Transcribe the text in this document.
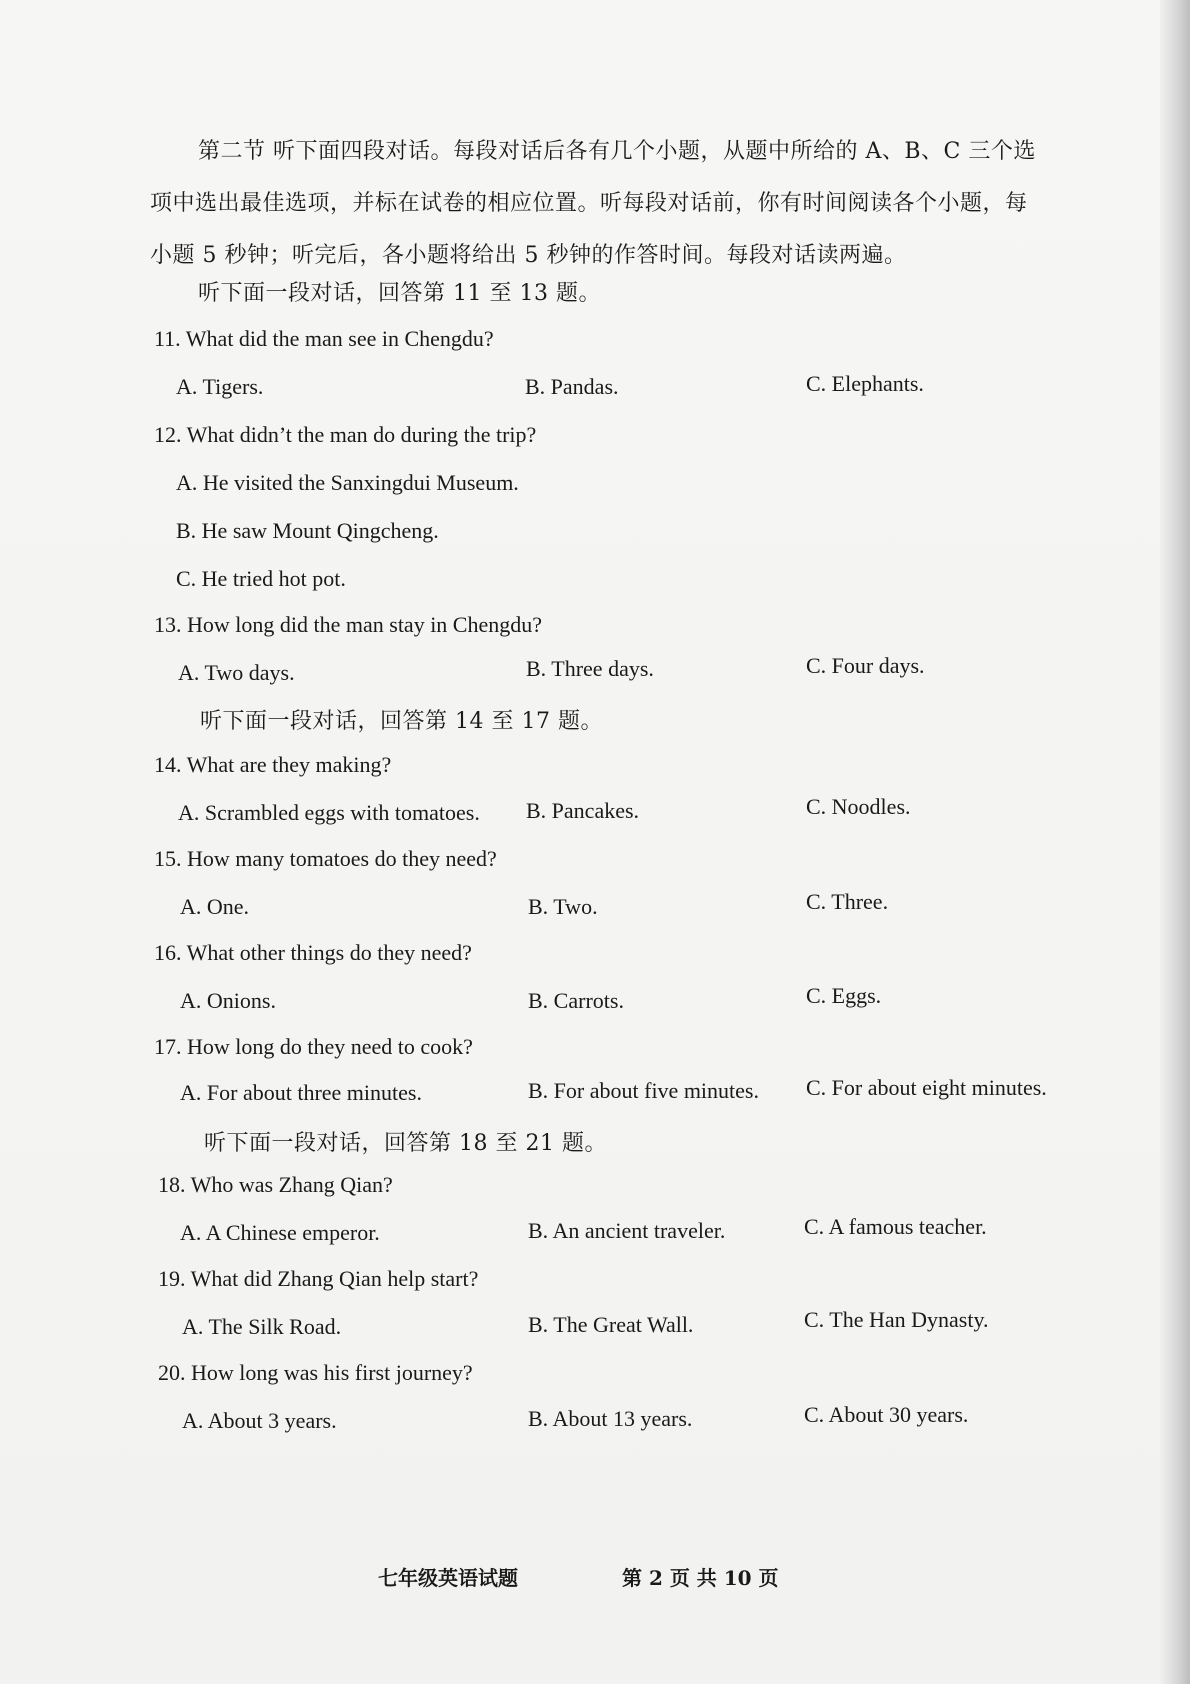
第二节 听下面四段对话。每段对话后各有几个小题，从题中所给的 A、B、C 三个选

项中选出最佳选项，并标在试卷的相应位置。听每段对话前，你有时间阅读各个小题，每

小题 5 秒钟；听完后，各小题将给出 5 秒钟的作答时间。每段对话读两遍。

听下面一段对话，回答第 11 至 13 题。
11. What did the man see in Chengdu?
A. Tigers.	B. Pandas.	C. Elephants.
12. What didn’t the man do during the trip?
A. He visited the Sanxingdui Museum.
B. He saw Mount Qingcheng.
C. He tried hot pot.
13. How long did the man stay in Chengdu?
A. Two days.	B. Three days.	C. Four days.
听下面一段对话，回答第 14 至 17 题。
14. What are they making?
A. Scrambled eggs with tomatoes. B. Pancakes.	C. Noodles.
15. How many tomatoes do they need?
A. One.	B. Two.	C. Three.
16. What other things do they need?
A. Onions.	B. Carrots.	C. Eggs.
17. How long do they need to cook?
A. For about three minutes.	B. For about five minutes. C. For about eight minutes.
听下面一段对话，回答第 18 至 21 题。
18. Who was Zhang Qian?
A. A Chinese emperor.	B. An ancient traveler.	C. A famous teacher.
19. What did Zhang Qian help start?
A. The Silk Road.	B. The Great Wall.	C. The Han Dynasty.
20. How long was his first journey?
A. About 3 years.	B. About 13 years.	C. About 30 years.
七年级英语试题	第 2 页 共 10 页
